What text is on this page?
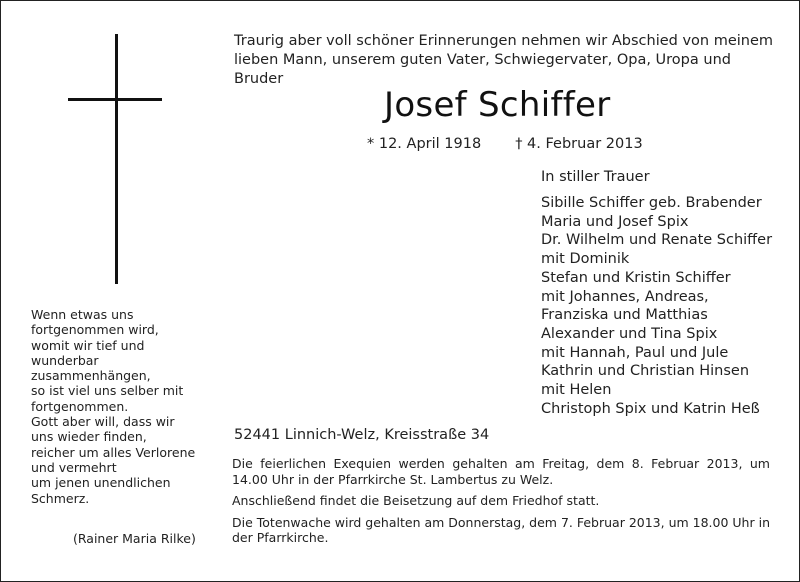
Traurig aber voll schöner Erinnerungen nehmen wir Abschied von meinem
lieben Mann, unserem guten Vater, Schwiegervater, Opa, Uropa und Bruder
Josef Schiffer
* 12. April 1918 † 4. Februar 2013
In stiller Trauer
Sibille Schiffer geb. Brabender
Maria und Josef Spix
Dr. Wilhelm und Renate Schiffer
mit Dominik
Stefan und Kristin Schiffer
mit Johannes, Andreas,
Franziska und Matthias
Alexander und Tina Spix
mit Hannah, Paul und Jule
Kathrin und Christian Hinsen
mit Helen
Christoph Spix und Katrin Heß
Wenn etwas uns
fortgenommen wird,
womit wir tief und
wunderbar
zusammenhängen,
so ist viel uns selber mit
fortgenommen.
Gott aber will, dass wir
uns wieder finden,
reicher um alles Verlorene
und vermehrt
um jenen unendlichen
Schmerz.
(Rainer Maria Rilke)
52441 Linnich-Welz, Kreisstraße 34

Die feierlichen Exequien werden gehalten am Freitag, dem 8. Februar 2013, um 14.00 Uhr in der Pfarrkirche St. Lambertus zu Welz.

Anschließend findet die Beisetzung auf dem Friedhof statt.

Die Totenwache wird gehalten am Donnerstag, dem 7. Februar 2013, um 18.00 Uhr in der Pfarrkirche.
